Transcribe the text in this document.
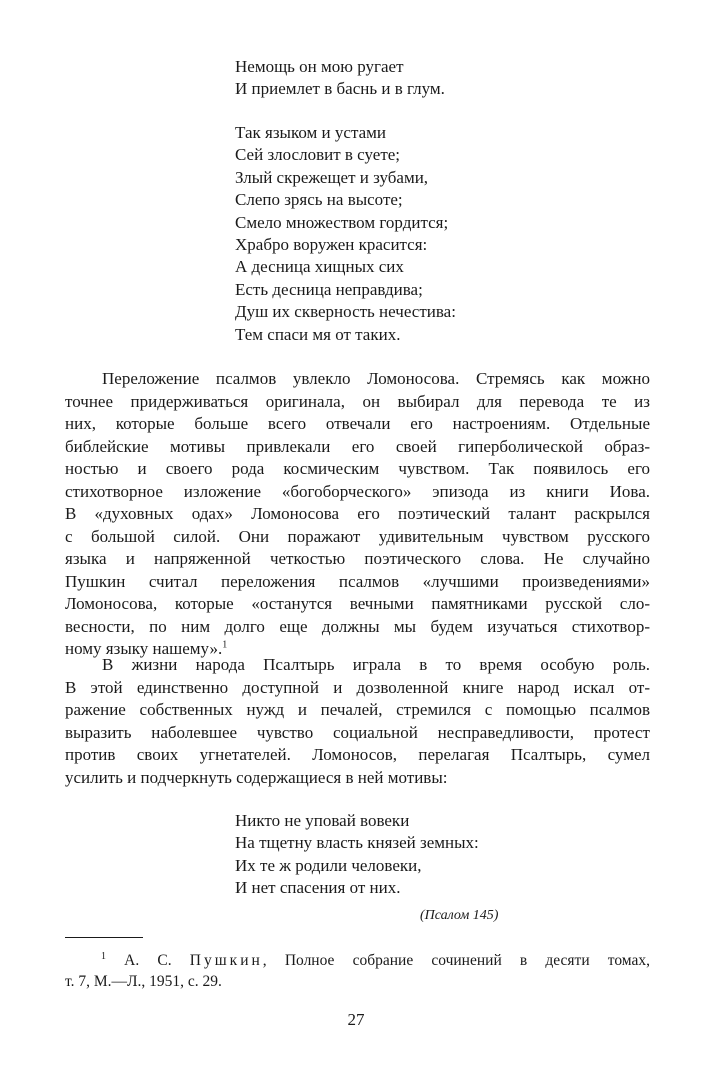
Немощь он мою ругает
И приемлет в баснь и в глум.
Так языком и устами
Сей злословит в суете;
Злый скрежещет и зубами,
Слепо зрясь на высоте;
Смело множеством гордится;
Храбро воружен красится:
А десница хищных сих
Есть десница неправдива;
Душ их скверность нечестива:
Тем спаси мя от таких.
Переложение псалмов увлекло Ломоносова. Стремясь как можно
точнее придерживаться оригинала, он выбирал для перевода те из
них, которые больше всего отвечали его настроениям. Отдельные
библейские мотивы привлекали его своей гиперболической образ-
ностью и своего рода космическим чувством. Так появилось его
стихотворное изложение «богоборческого» эпизода из книги Иова.
В «духовных одах» Ломоносова его поэтический талант раскрылся
с большой силой. Они поражают удивительным чувством русского
языка и напряженной четкостью поэтического слова. Не случайно
Пушкин считал переложения псалмов «лучшими произведениями»
Ломоносова, которые «останутся вечными памятниками русской сло-
весности, по ним долго еще должны мы будем изучаться стихотвор-
ному языку нашему».$^1$
В жизни народа Псалтырь играла в то время особую роль.
В этой единственно доступной и дозволенной книге народ искал от-
ражение собственных нужд и печалей, стремился с помощью псалмов
выразить наболевшее чувство социальной несправедливости, протест
против своих угнетателей. Ломоносов, перелагая Псалтырь, сумел
усилить и подчеркнуть содержащиеся в ней мотивы:
Никто не уповай вовеки
На тщетну власть князей земных:
Их те ж родили человеки,
И нет спасения от них.
(Псалом 145)
$^1$ А. С. Пушкин, Полное собрание сочинений в десяти томах,
т. 7, М.—Л., 1951, с. 29.
27
